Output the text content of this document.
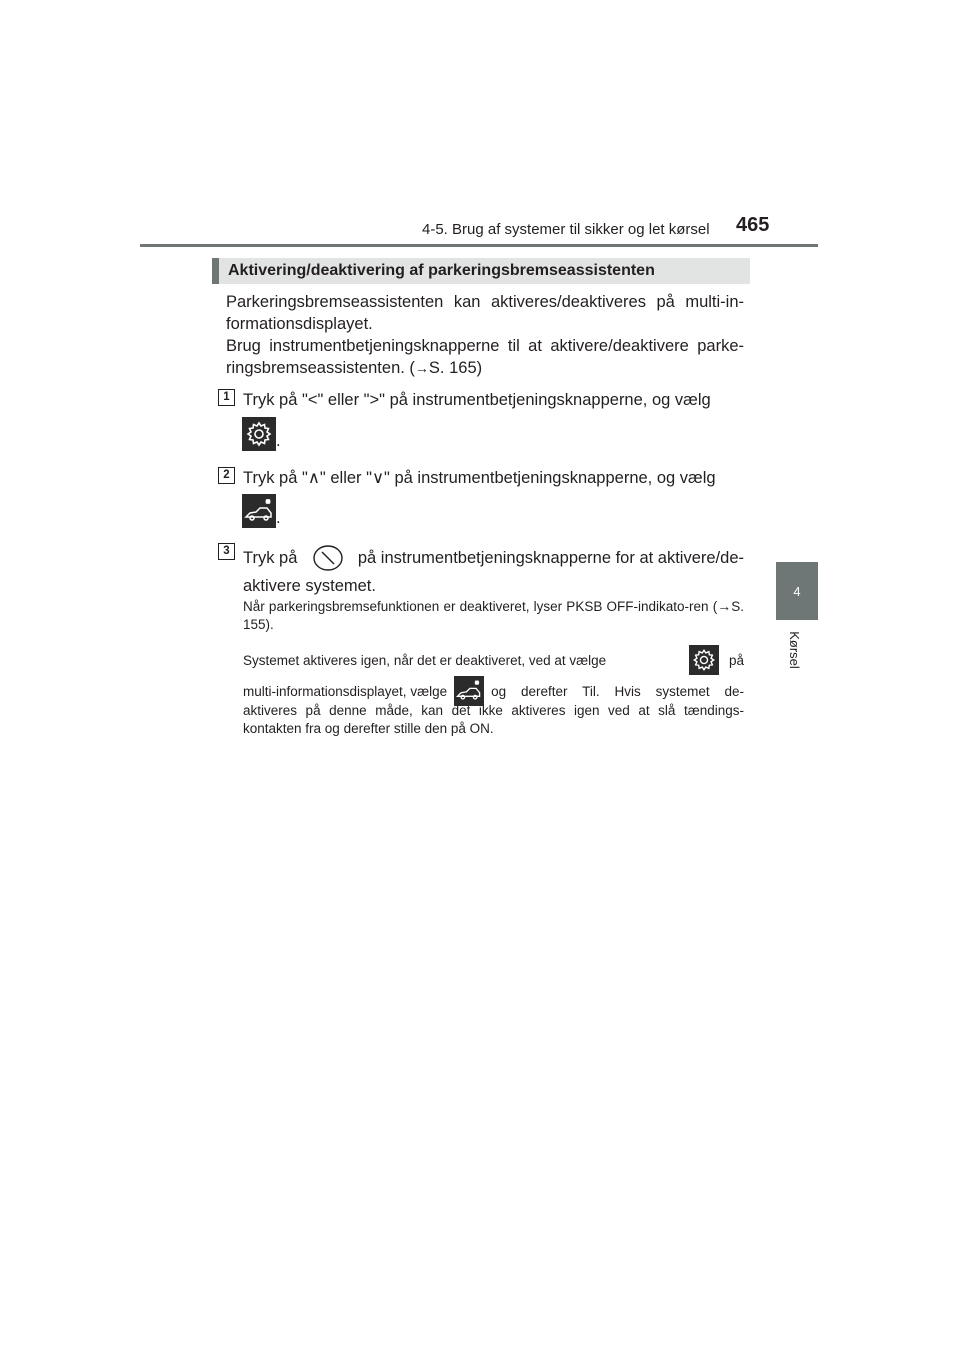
4-5. Brug af systemer til sikker og let kørsel 465
4
Kørsel
Aktivering/deaktivering af parkeringsbremseassistenten

Parkeringsbremseassistenten kan aktiveres/deaktiveres på multi-in-formationsdisplayet.

Brug instrumentbetjeningsknapperne til at aktivere/deaktivere parke-ringsbremseassistenten. (→S. 165)

1 Tryk på "<" eller ">" på instrumentbetjeningsknapperne, og vælg
.
2 Tryk på "∧" eller "∨" på instrumentbetjeningsknapperne, og vælg
.
3 Tryk på	på instrumentbetjeningsknapperne for at aktivere/de-
aktivere systemet.
Når parkeringsbremsefunktionen er deaktiveret, lyser PKSB OFF-indikato-ren (→S. 155).
Systemet aktiveres igen, når det er deaktiveret, ved at vælge	på
multi-informationsdisplayet, vælge	og derefter Til. Hvis systemet de-
aktiveres på denne måde, kan det ikke aktiveres igen ved at slå tændings-kontakten fra og derefter stille den på ON.
